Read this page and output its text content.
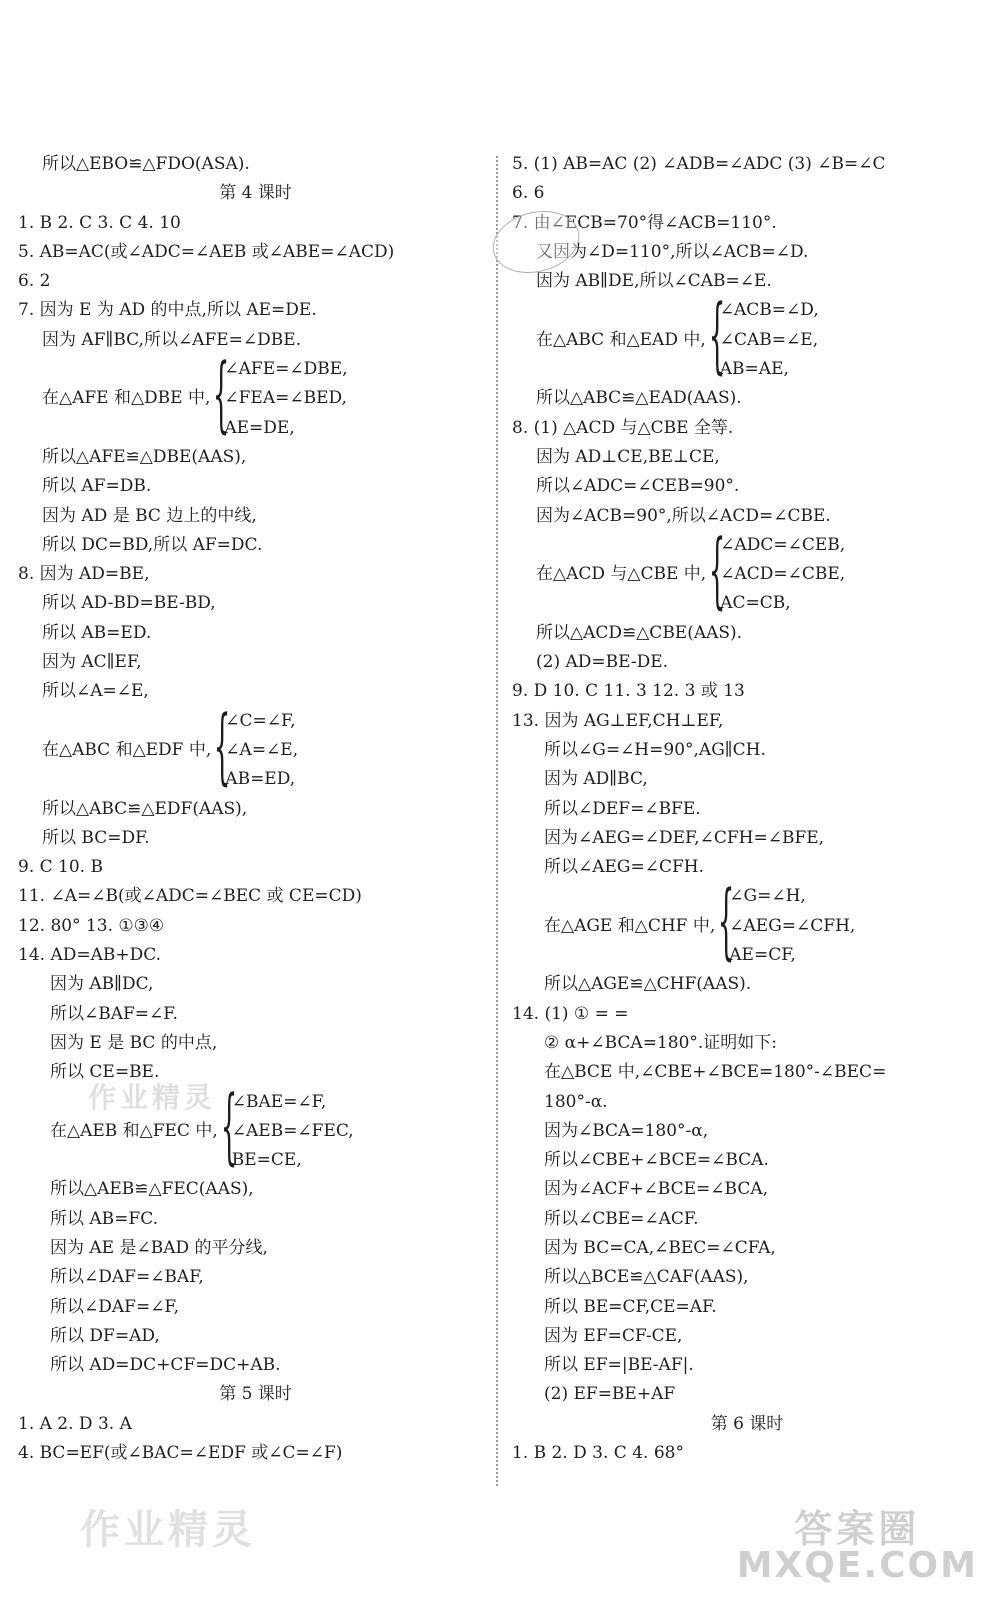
所以△EBO≌△FDO(ASA).
第 4 课时
1. B 2. C 3. C 4. 10
5. AB=AC(或∠ADC=∠AEB 或∠ABE=∠ACD)
6. 2
7. 因为 E 为 AD 的中点,所以 AE=DE.
因为 AF∥BC,所以∠AFE=∠DBE.
在△AFE 和△DBE 中, {
∠AFE=∠DBE,
∠FEA=∠BED,
AE=DE,
所以△AFE≌△DBE(AAS),
所以 AF=DB.
因为 AD 是 BC 边上的中线,
所以 DC=BD,所以 AF=DC.
8. 因为 AD=BE,
所以 AD-BD=BE-BD,
所以 AB=ED.
因为 AC∥EF,
所以∠A=∠E,
在△ABC 和△EDF 中, {
∠C=∠F,
∠A=∠E,
AB=ED,
所以△ABC≌△EDF(AAS),
所以 BC=DF.
9. C 10. B
11. ∠A=∠B(或∠ADC=∠BEC 或 CE=CD)
12. 80° 13. ①③④
14. AD=AB+DC.
因为 AB∥DC,
所以∠BAF=∠F.
因为 E 是 BC 的中点,
所以 CE=BE.
在△AEB 和△FEC 中, {
∠BAE=∠F,
∠AEB=∠FEC,
BE=CE,
所以△AEB≌△FEC(AAS),
所以 AB=FC.
因为 AE 是∠BAD 的平分线,
所以∠DAF=∠BAF,
所以∠DAF=∠F,
所以 DF=AD,
所以 AD=DC+CF=DC+AB.
第 5 课时
1. A 2. D 3. A
4. BC=EF(或∠BAC=∠EDF 或∠C=∠F)
5. (1) AB=AC (2) ∠ADB=∠ADC (3) ∠B=∠C
6. 6
7. 由∠ECB=70°得∠ACB=110°.
又因为∠D=110°,所以∠ACB=∠D.
因为 AB∥DE,所以∠CAB=∠E.
在△ABC 和△EAD 中, {
∠ACB=∠D,
∠CAB=∠E,
AB=AE,
所以△ABC≌△EAD(AAS).
8. (1) △ACD 与△CBE 全等.
因为 AD⊥CE,BE⊥CE,
所以∠ADC=∠CEB=90°.
因为∠ACB=90°,所以∠ACD=∠CBE.
在△ACD 与△CBE 中, {
∠ADC=∠CEB,
∠ACD=∠CBE,
AC=CB,
所以△ACD≌△CBE(AAS).
(2) AD=BE-DE.
9. D 10. C 11. 3 12. 3 或 13
13. 因为 AG⊥EF,CH⊥EF,
所以∠G=∠H=90°,AG∥CH.
因为 AD∥BC,
所以∠DEF=∠BFE.
因为∠AEG=∠DEF,∠CFH=∠BFE,
所以∠AEG=∠CFH.
在△AGE 和△CHF 中, {
∠G=∠H,
∠AEG=∠CFH,
AE=CF,
所以△AGE≌△CHF(AAS).
14. (1) ① = =
② α+∠BCA=180°.证明如下:
在△BCE 中,∠CBE+∠BCE=180°-∠BEC=
180°-α.
因为∠BCA=180°-α,
所以∠CBE+∠BCE=∠BCA.
因为∠ACF+∠BCE=∠BCA,
所以∠CBE=∠ACF.
因为 BC=CA,∠BEC=∠CFA,
所以△BCE≌△CAF(AAS),
所以 BE=CF,CE=AF.
因为 EF=CF-CE,
所以 EF=|BE-AF|.
(2) EF=BE+AF
第 6 课时
1. B 2. D 3. C 4. 68°
作业精灵
作业精灵	答案圈
MXQE.COM
